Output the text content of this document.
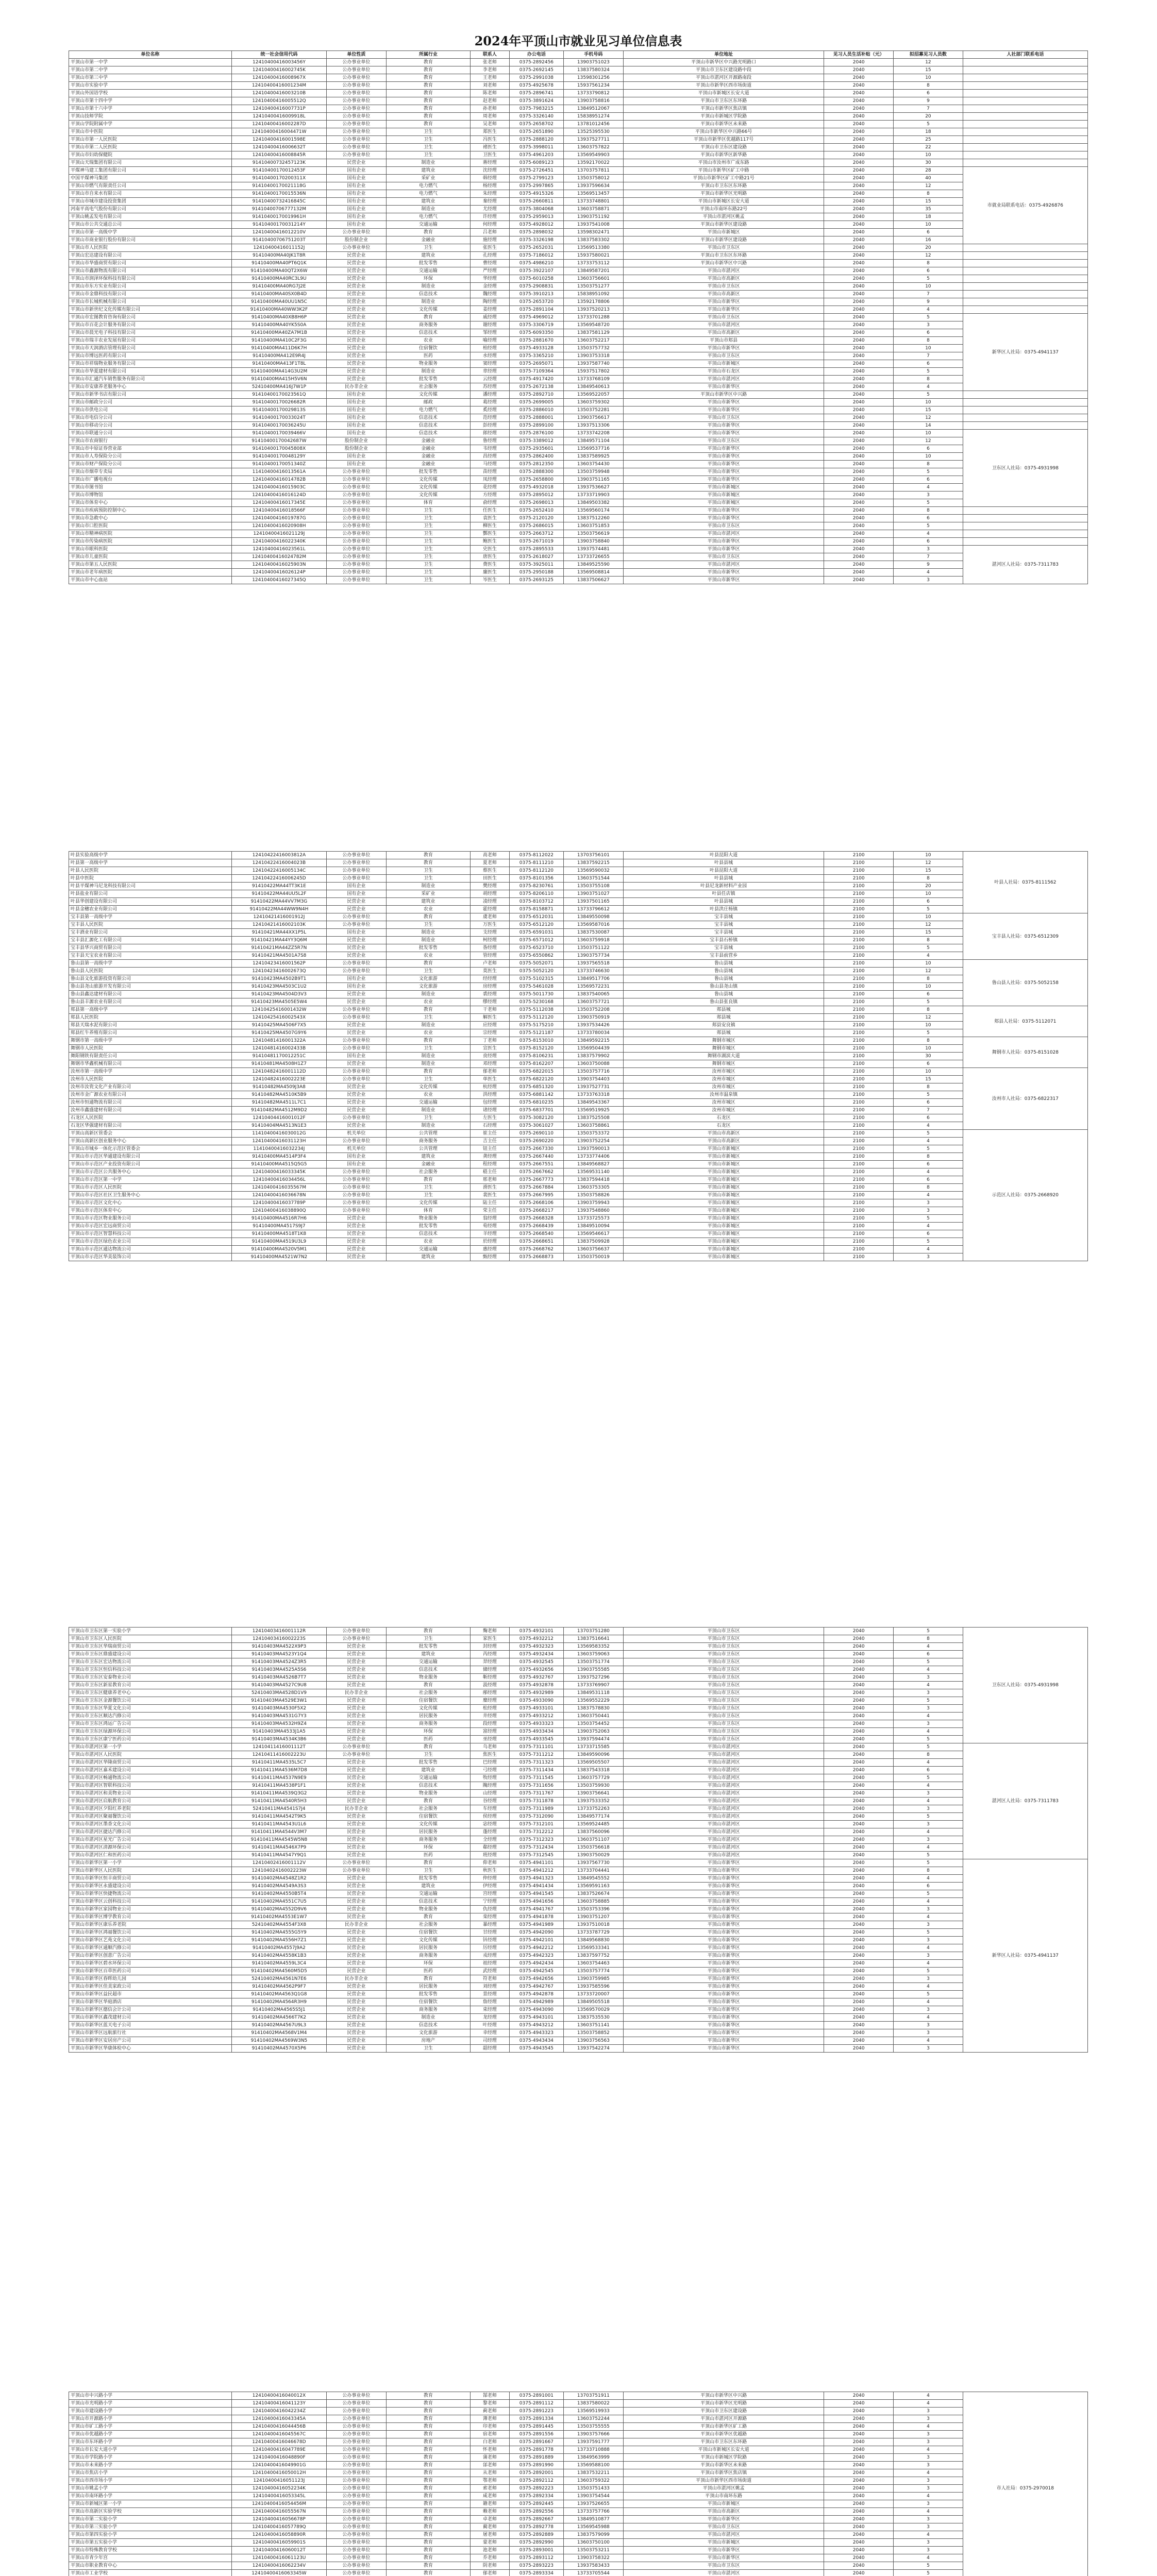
2024年平顶山市就业见习单位信息表
单位名称	统一社会信用代码	单位性质	所属行业	联系人	办公电话	手机号码	单位地址	见习人员生活补贴（元）	拟招募见习人员数	人社部门联系电话
平顶山市第一中学	12410400416003456Y	公办事业单位	教育	张老师	0375-2892456	13903751023	平顶山市新华区中兴路光明路口	2040	12	
平顶山市第二中学	12410400416002745K	公办事业单位	教育	李老师	0375-2692145	13837580324	平顶山市卫东区建设路中段	2040	15	
平顶山市第三中学	12410400416008967X	公办事业单位	教育	王老师	0375-2991038	13598301256	平顶山市湛河区开源路南段	2040	10	
平顶山市实验中学	12410400416001234M	公办事业单位	教育	刘老师	0375-4925678	15937561234	平顶山市新华区西市场街道	2040	8	
平顶山外国语学校	12410400416003210B	公办事业单位	教育	陈老师	0375-2896741	13733790812	平顶山市新城区长安大道	2040	6	
平顶山市第十四中学	12410400416005512Q	公办事业单位	教育	赵老师	0375-3891624	13903758816	平顶山市卫东区东环路	2040	9	
平顶山市第十六中学	12410400416007731P	公办事业单位	教育	孙老师	0375-7983215	13849512067	平顶山市新华区焦店镇	2040	7	
平顶山技师学院	12410400416009918L	公办事业单位	教育	周老师	0375-3326140	15838951274	平顶山市新城区学院路	2040	20	
平顶山学院附属中学	12410400416002287D	公办事业单位	教育	吴老师	0375-2658702	13781012456	平顶山市新华区未来路	2040	5	
平顶山市中医院	12410400416004471W	公办事业单位	卫生	郑医生	0375-2651890	13525395530	平顶山市新华区中兴路66号	2040	18	
平顶山市第一人民医院	12410400416001598E	公办事业单位	卫生	冯医生	0375-2888120	13937527711	平顶山市新华区优越路117号	2040	25	
平顶山市第二人民医院	12410400416006632T	公办事业单位	卫生	褚医生	0375-3998011	13603757822	平顶山市卫东区建设路	2040	22	
平顶山市妇幼保健院	12410400416008845R	公办事业单位	卫生	卫医生	0375-4961203	13569549903	平顶山市新华区新华路	2040	10	
平顶山天瑞集团有限公司	91410400732457123K	民营企业	制造业	蒋经理	0375-6089123	13592170022	平顶山市汝州市广成东路	2040	30	
平煤神马建工集团有限公司	91410400170012453F	国有企业	建筑业	沈经理	0375-2726451	13703757811	平顶山市新华区矿工中路	2040	28	市就业局联系电话：0375-4926876
中国平煤神马集团	91410400170200311X	国有企业	采矿业	韩经理	0375-2799123	13503758012	平顶山市新华区矿工中路21号	2040	40	
平顶山市燃气有限责任公司	91410400170021118G	国有企业	电力燃气	杨经理	0375-2997865	13937596634	平顶山市卫东区东环路	2040	12	
平顶山市自来水有限公司	91410400170015536N	国有企业	电力燃气	朱经理	0375-4915326	13569513457	平顶山市新华区光明路	2040	8	
平顶山市城市建设投资集团	91410400732416845C	国有企业	建筑业	秦经理	0375-2660811	13733748801	平顶山市新城区长安大道	2040	15	
河南平高电气股份有限公司	91410400706777132M	国有企业	制造业	尤经理	0375-3804068	13603758871	平顶山市南环东路22号	2040	35	
平顶山姚孟发电有限公司	91410400170019961H	国有企业	电力燃气	许经理	0375-2959013	13903751192	平顶山市湛河区姚孟	2040	18	
平顶山市公共交通总公司	91410400170031214Y	国有企业	交通运输	何经理	0375-4928012	13937541008	平顶山市新华区建设路	2040	10	
平顶山市第一高级中学	12410400416012210V	公办事业单位	教育	吕老师	0375-2898032	13598302471	平顶山市新城区	2040	6	
平顶山市商业银行股份有限公司	91410400706751203T	股份制企业	金融业	施经理	0375-3326198	13837583302	平顶山市新华区建设路	2040	16	
平顶山市人民医院	12410400416011152J	公办事业单位	卫生	张医生	0375-2652031	13569513380	平顶山市卫东区	2040	20	
平顶山宏达建设有限公司	91410400MA40JK1T8R	民营企业	建筑业	孔经理	0375-7186012	15937580021	平顶山市卫东区东环路	2040	12	
平顶山市华盛商贸有限公司	91410400MA40PT6Q1K	民营企业	批发零售	曹经理	0375-4986210	13733753112	平顶山市新华区中兴路	2040	8	
平顶山市鑫源物流有限公司	91410400MA40QT2X6W	民营企业	交通运输	严经理	0375-3922107	13849587201	平顶山市湛河区	2040	6	
平顶山市润泽环保科技有限公司	91410400MA40RC3L9U	民营企业	环保	华经理	0375-6010258	13603756601	平顶山市高新区	2040	5	
平顶山市东方实业有限公司	91410400MA40RG7J2E	民营企业	制造业	金经理	0375-2908831	13503751277	平顶山市卫东区	2040	10	
平顶山市金鼎科技有限公司	91410400MA40SX0B4D	民营企业	信息技术	魏经理	0375-3910213	15838951092	平顶山市高新区	2040	7	
平顶山市长城机械有限公司	91410400MA40UU1N5C	民营企业	制造业	陶经理	0375-2653720	13592178806	平顶山市新华区	2040	9	
平顶山市新世纪文化传媒有限公司	91410400MA40WW3K2F	民营企业	文化传媒	姜经理	0375-2891104	13937520213	平顶山市新华区	2040	4	
平顶山市宏图教育咨询有限公司	91410400MA40XB8H6P	民营企业	教育	戚经理	0375-4969012	13733701288	平顶山市卫东区	2040	5	新华区人社局：0375-4941137
平顶山市百花会计服务有限公司	91410400MA40YK5S0A	民营企业	商务服务	谢经理	0375-3306719	13569548720	平顶山市湛河区	2040	3	
平顶山市晨光电子科技有限公司	91410400MA40ZA7M1B	民营企业	信息技术	邹经理	0375-6093350	13837581129	平顶山市高新区	2040	6	
平顶山市瑞丰农业发展有限公司	91410400MA410C2F3G	民营企业	农业	喻经理	0375-2881670	13603752217	平顶山市郏县	2040	8	
平顶山市天润酒店管理有限公司	91410400MA411D6K7H	民营企业	住宿餐饮	柏经理	0375-4933128	13503757732	平顶山市新华区	2040	10	
平顶山市博远医药有限公司	91410400MA412E9R4J	民营企业	医药	水经理	0375-3365210	13903753318	平顶山市卫东区	2040	7	
平顶山市祥瑞物业服务有限公司	91410400MA413F1T8L	民营企业	物业服务	窦经理	0375-2695071	13937587740	平顶山市新城区	2040	6	
平顶山市华夏建材有限公司	91410400MA414G3U2M	民营企业	制造业	章经理	0375-7109364	15937517802	平顶山市石龙区	2040	5	
平顶山市汇通汽车销售服务有限公司	91410400MA415H5V6N	民营企业	批发零售	云经理	0375-4917420	13733768109	平顶山市湛河区	2040	8	
平顶山市安康养老服务中心	52410400MA416J7W1P	民办非企业	社会服务	苏经理	0375-2672138	13849540613	平顶山市新华区	2040	4	
平顶山市新华书店有限公司	91410400170023561Q	国有企业	文化传媒	潘经理	0375-2892710	13569522057	平顶山市新华区中兴路	2040	5	
平顶山市邮政分公司	91410400170026682R	国有企业	邮政	葛经理	0375-2699005	13603759302	平顶山市新华区	2040	10	
平顶山市供电公司	91410400170029813S	国有企业	电力燃气	奚经理	0375-2886010	13503752281	平顶山市新华区	2040	15	
平顶山市电信分公司	91410400170033024T	国有企业	信息技术	范经理	0375-2888001	13903756617	平顶山市卫东区	2040	12	
平顶山市移动分公司	91410400170036245U	国有企业	信息技术	彭经理	0375-2899100	13937513306	平顶山市新华区	2040	14	
平顶山市联通分公司	91410400170039466V	国有企业	信息技术	郎经理	0375-2876100	13733742208	平顶山市新华区	2040	10	卫东区人社局：0375-4931998
平顶山市农商银行	91410400170042687W	股份制企业	金融业	鲁经理	0375-3389012	13849571104	平顶山市卫东区	2040	12	
平顶山市中原证券营业部	91410400170045808X	股份制企业	金融业	韦经理	0375-2935601	13569537716	平顶山市新华区	2040	6	
平顶山市人寿保险分公司	91410400170048129Y	国有企业	金融业	昌经理	0375-2862400	13837589925	平顶山市新华区	2040	10	
平顶山市财产保险分公司	91410400170051340Z	国有企业	金融业	马经理	0375-2812350	13603754430	平顶山市新华区	2040	8	
平顶山市烟草专卖局	11410400416013561A	公办事业单位	批发零售	苗经理	0375-2888300	13503759948	平顶山市新华区	2040	5	
平顶山市广播电视台	12410400416014782B	公办事业单位	文化传媒	凤经理	0375-2658800	13903751165	平顶山市新华区	2040	6	
平顶山市图书馆	12410400416015903C	公办事业单位	文化传媒	花经理	0375-4932018	13937536627	平顶山市新城区	2040	4	
平顶山市博物馆	12410400416016124D	公办事业单位	文化传媒	方经理	0375-2895012	13733719903	平顶山市新城区	2040	3	
平顶山市体育中心	12410400416017345E	公办事业单位	体育	俞经理	0375-2698013	13849503382	平顶山市新城区	2040	5	
平顶山市疾病预防控制中心	12410400416018566F	公办事业单位	卫生	任医生	0375-2652410	13569560174	平顶山市新华区	2040	8	
平顶山市急救中心	12410400416019787G	公办事业单位	卫生	袁医生	0375-2120120	13837512260	平顶山市新华区	2040	6	
平顶山市口腔医院	12410400416020908H	公办事业单位	卫生	柳医生	0375-2686015	13603751853	平顶山市卫东区	2040	5	
平顶山市精神病医院	12410400416021129J	公办事业单位	卫生	酆医生	0375-2663712	13503756619	平顶山市湛河区	2040	4	
平顶山市传染病医院	12410400416022340K	公办事业单位	卫生	鲍医生	0375-2671019	13903758840	平顶山市新华区	2040	6	
平顶山市眼科医院	12410400416023561L	公办事业单位	卫生	史医生	0375-2895533	13937574481	平顶山市新华区	2040	3	湛河区人社局：0375-7311783
平顶山市儿童医院	12410400416024782M	公办事业单位	卫生	唐医生	0375-2618027	13733726655	平顶山市卫东区	2040	7	
平顶山市第五人民医院	12410400416025903N	公办事业单位	卫生	费医生	0375-3925011	13849525590	平顶山市湛河区	2040	9	
平顶山市老年病医院	12410400416026124P	公办事业单位	卫生	廉医生	0375-2950188	13569508814	平顶山市新华区	2040	4	
平顶山市中心血站	12410400416027345Q	公办事业单位	卫生	岑医生	0375-2693125	13837506627	平顶山市新华区	2040	3	
叶县实验高级中学	12410422416003812A	公办事业单位	教育	高老师	0375-8112022	13703756101	叶县昆阳大道	2100	10	叶县人社局：0375-8111562
叶县第一高级中学	12410422416004023B	公办事业单位	教育	夏老师	0375-8111210	13837592215	叶县县城	2100	12	
叶县人民医院	12410422416005134C	公办事业单位	卫生	蔡医生	0375-8112120	13569590032	叶县昆阳大道	2100	15	
叶县中医院	12410422416006245D	公办事业单位	卫生	田医生	0375-8101356	13603751544	叶县县城	2100	8	
叶县平煤神马尼龙科技有限公司	91410422MA44TT3K1E	国有企业	制造业	樊经理	0375-8230761	13503755108	叶县尼龙新材料产业园	2100	20	
叶县盐业有限公司	91410422MA44UU5L2F	国有企业	采矿业	胡经理	0375-8206110	13903751027	叶县任店镇	2100	10	
叶县华创建设有限公司	91410422MA44VV7M3G	民营企业	建筑业	凌经理	0375-8103712	13937501165	叶县县城	2100	6	
叶县金穗农业有限公司	91410422MA44WW9N4H	民营企业	农业	霍经理	0375-8158871	13733796612	叶县洪庄杨镇	2100	5	
宝丰县第一高级中学	12410421416001912J	公办事业单位	教育	虞老师	0375-6512031	13849550098	宝丰县城	2100	10	宝丰县人社局：0375-6512309
宝丰县人民医院	12410421416002103K	公办事业单位	卫生	万医生	0375-6512120	13569587016	宝丰县城	2100	12	
宝丰酒业有限公司	91410421MA44XX1P5L	国有企业	制造业	支经理	0375-6591031	13837530087	宝丰县城	2100	15	
宝丰县汇源化工有限公司	91410421MA44YY3Q6M	民营企业	制造业	柯经理	0375-6571012	13603759918	宝丰县石桥镇	2100	8	
宝丰县华兴商贸有限公司	91410421MA44ZZ5R7N	民营企业	批发零售	昝经理	0375-6523710	13503751122	宝丰县城	2100	5	
宝丰县天宝农业有限公司	91410421MA4501A7S8	民营企业	农业	管经理	0375-6550862	13903757734	宝丰县前营乡	2100	4	
鲁山县第一高级中学	12410423416001562P	公办事业单位	教育	卢老师	0375-5052071	13937565518	鲁山县城	2100	10	鲁山县人社局：0375-5052158
鲁山县人民医院	12410423416002673Q	公办事业单位	卫生	莫医生	0375-5052120	13733746630	鲁山县城	2100	12	
鲁山县文化旅游投资有限公司	91410423MA4502B9T1	国有企业	文化旅游	经经理	0375-5102315	13849517706	鲁山县城	2100	8	
鲁山县尧山旅游开发有限公司	91410423MA4503C1U2	国有企业	文化旅游	房经理	0375-5461028	13569572231	鲁山县尧山镇	2100	10	
鲁山县鑫达建材有限公司	91410423MA4504D3V3	民营企业	制造业	裘经理	0375-5011730	13837540065	鲁山县城	2100	6	
鲁山县丰源农业有限公司	91410423MA4505E5W4	民营企业	农业	缪经理	0375-5230168	13603757721	鲁山县张良镇	2100	5	
郏县第一高级中学	12410425416001432W	公办事业单位	教育	干老师	0375-5112038	13503752208	郏县城	2100	8	郏县人社局：0375-5112071
郏县人民医院	12410425416002543X	公办事业单位	卫生	解医生	0375-5112120	13903750919	郏县城	2100	12	
郏县天瑞水泥有限公司	91410425MA4506F7X5	民营企业	制造业	应经理	0375-5175210	13937534426	郏县安良镇	2100	10	
郏县红牛养殖有限公司	91410425MA4507G9Y6	民营企业	农业	宗经理	0375-5121187	13733780034	郏县城	2100	5	
舞钢市第一高级中学	12410481416001322A	公办事业单位	教育	丁老师	0375-8153010	13849592215	舞钢市城区	2100	8	舞钢市人社局：0375-8151028
舞钢市人民医院	12410481416002433B	公办事业单位	卫生	宣医生	0375-8152120	13569504439	舞钢市城区	2100	10	
舞阳钢铁有限责任公司	91410481170012251C	国有企业	制造业	贲经理	0375-8106231	13837579902	舞钢市湖滨大道	2100	30	
舞钢市华鑫机械有限公司	91410481MA4508H1Z7	民营企业	制造业	邓经理	0375-8162207	13603750088	舞钢市城区	2100	6	
汝州市第一高级中学	12410482416001112D	公办事业单位	教育	郁老师	0375-6822015	13503757716	汝州市城区	2100	10	汝州市人社局：0375-6822317
汝州市人民医院	12410482416002223E	公办事业单位	卫生	单医生	0375-6822120	13903754403	汝州市城区	2100	15	
汝州市汝瓷文化产业有限公司	91410482MA4509J3A8	民营企业	文化传媒	杭经理	0375-6851320	13937527731	汝州市城区	2100	8	
汝州市金广源农业有限公司	91410482MA4510K5B9	民营企业	农业	洪经理	0375-6881142	13733763318	汝州市温泉镇	2100	5	
汝州市恒通物流有限公司	91410482MA4511L7C1	民营企业	交通运输	包经理	0375-6810235	13849543367	汝州市城区	2100	6	
汝州市鑫盛建材有限公司	91410482MA4512M9D2	民营企业	制造业	诸经理	0375-6837701	13569519925	汝州市城区	2100	7	
石龙区人民医院	12410404416001012F	公办事业单位	卫生	左医生	0375-3082120	13837525508	石龙区	2100	6	
石龙区华强建材有限公司	91410404MA4513N1E3	民营企业	制造业	石经理	0375-3061027	13603758861	石龙区	2100	4	
平顶山高新区管委会	11410400416030012G	机关单位	公共管理	崔主任	0375-2690110	13503753372	平顶山市高新区	2100	5	示范区人社局：0375-2668920
平顶山高新区创业服务中心	12410400416031123H	公办事业单位	商务服务	吉主任	0375-2690220	13903752254	平顶山市高新区	2100	4	
平顶山市城乡一体化示范区管委会	11410400416032234J	机关单位	公共管理	钮主任	0375-2667330	13937590013	平顶山市新城区	2100	5	
平顶山市示范区华通建设有限公司	91410400MA4514P3F4	国有企业	建筑业	龚经理	0375-2667440	13733774406	平顶山市新城区	2100	8	
平顶山市示范区产业投资有限公司	91410400MA4515Q5G5	国有企业	金融业	程经理	0375-2667551	13849568827	平顶山市新城区	2100	6	
平顶山市示范区公共服务中心	12410400416033345K	公办事业单位	社会服务	嵇主任	0375-2667662	13569531140	平顶山市新城区	2100	4	
平顶山市示范区第一中学	12410400416034456L	公办事业单位	教育	邢老师	0375-2667773	13837594418	平顶山市新城区	2100	6	
平顶山市示范区人民医院	12410400416035567M	公办事业单位	卫生	滑医生	0375-2667884	13603753305	平顶山市新城区	2100	8	
平顶山市示范区社区卫生服务中心	12410400416036678N	公办事业单位	卫生	裴医生	0375-2667995	13503758826	平顶山市新城区	2100	4	
平顶山市示范区文化中心	12410400416037789P	公办事业单位	文化传媒	陆主任	0375-2668106	13903759943	平顶山市新城区	2100	3	
平顶山市示范区体育中心	12410400416038890Q	公办事业单位	体育	荣主任	0375-2668217	13937548860	平顶山市新城区	2100	3	
平顶山市示范区物业服务公司	91410400MA4516R7H6	民营企业	物业服务	翁经理	0375-2668328	13733725573	平顶山市新城区	2100	5	
平顶山市示范区宏远商贸公司	91410400MA4517S9J7	民营企业	批发零售	荀经理	0375-2668439	13849510094	平顶山市新城区	2100	4	
平顶山市示范区智慧科技公司	91410400MA4518T1K8	民营企业	信息技术	羊经理	0375-2668540	13569546617	平顶山市新城区	2100	6	
平顶山市示范区绿色农业公司	91410400MA4519U3L9	民营企业	农业	於经理	0375-2668651	13837509928	平顶山市新城区	2100	5	
平顶山市示范区通达物流公司	91410400MA4520V5M1	民营企业	交通运输	惠经理	0375-2668762	13603756637	平顶山市新城区	2100	4	
平顶山市示范区华美装饰公司	91410400MA4521W7N2	民营企业	建筑业	甄经理	0375-2668873	13503750019	平顶山市新城区	2100	3	
平顶山市卫东区第一实验小学	12410403416001112R	公办事业单位	教育	麴老师	0375-4932101	13703751280	平顶山市卫东区	2040	5	卫东区人社局：0375-4931998
平顶山市卫东区人民医院	12410403416002223S	公办事业单位	卫生	家医生	0375-4932212	13837516641	平顶山市卫东区	2040	8	
平顶山市卫东区华瑞商贸公司	91410403MA4522X9P3	民营企业	批发零售	封经理	0375-4932323	13569583352	平顶山市卫东区	2040	4	
平顶山市卫东区鼎盛建设公司	91410403MA4523Y1Q4	民营企业	建筑业	芮经理	0375-4932434	13603759063	平顶山市卫东区	2040	6	
平顶山市卫东区宏达物流公司	91410403MA4524Z3R5	民营企业	交通运输	羿经理	0375-4932545	13503751774	平顶山市卫东区	2040	5	
平顶山市卫东区恒信科技公司	91410403MA4525A5S6	民营企业	信息技术	储经理	0375-4932656	13903755585	平顶山市卫东区	2040	4	
平顶山市卫东区安泰物业公司	91410403MA4526B7T7	民营企业	物业服务	靳经理	0375-4932767	13937527296	平顶山市卫东区	2040	3	
平顶山市卫东区新星教育公司	91410403MA4527C9U8	民营企业	教育	汲经理	0375-4932878	13733769907	平顶山市卫东区	2040	4	
平顶山市卫东区健康养老中心	52410403MA4528D1V9	民办非企业	社会服务	邴经理	0375-4932989	13849531118	平顶山市卫东区	2040	3	
平顶山市卫东区金源餐饮公司	91410403MA4529E3W1	民营企业	住宿餐饮	糜经理	0375-4933090	13569552229	平顶山市卫东区	2040	5	
平顶山市卫东区华夏文化公司	91410403MA4530F5X2	民营企业	文化传媒	松经理	0375-4933101	13837578830	平顶山市卫东区	2040	3	
平顶山市卫东区顺达汽修公司	91410403MA4531G7Y3	民营企业	居民服务	井经理	0375-4933212	13603750441	平顶山市卫东区	2040	4	
平顶山市卫东区鸿运广告公司	91410403MA4532H9Z4	民营企业	商务服务	段经理	0375-4933323	13503754452	平顶山市卫东区	2040	3	
平顶山市卫东区绿源环保公司	91410403MA4533J1A5	民营企业	环保	富经理	0375-4933434	13903752063	平顶山市卫东区	2040	4	
平顶山市卫东区康宁医药公司	91410403MA4534K3B6	民营企业	医药	巫经理	0375-4933545	13937594474	平顶山市卫东区	2040	5	
平顶山市湛河区第一小学	12410411416001112T	公办事业单位	教育	乌老师	0375-7311101	13733715585	平顶山市湛河区	2040	5	湛河区人社局：0375-7311783
平顶山市湛河区人民医院	12410411416002223U	公办事业单位	卫生	焦医生	0375-7311212	13849590096	平顶山市湛河区	2040	8	
平顶山市湛河区华隆商贸公司	91410411MA4535L5C7	民营企业	批发零售	巴经理	0375-7311323	13569505507	平顶山市湛河区	2040	4	
平顶山市湛河区嘉禾建设公司	91410411MA4536M7D8	民营企业	建筑业	弓经理	0375-7311434	13837543318	平顶山市湛河区	2040	6	
平顶山市湛河区畅通物流公司	91410411MA4537N9E9	民营企业	交通运输	牧经理	0375-7311545	13603757729	平顶山市湛河区	2040	5	
平顶山市湛河区智联科技公司	91410411MA4538P1F1	民营企业	信息技术	隗经理	0375-7311656	13503759930	平顶山市湛河区	2040	4	
平顶山市湛河区和美物业公司	91410411MA4539Q3G2	民营企业	物业服务	山经理	0375-7311767	13903756641	平顶山市湛河区	2040	3	
平顶山市湛河区启航教育公司	91410411MA4540R5H3	民营企业	教育	谷经理	0375-7311878	13937533352	平顶山市湛河区	2040	4	
平顶山市湛河区夕阳红养老院	52410411MA4541S7J4	民办非企业	社会服务	车经理	0375-7311989	13733752263	平顶山市湛河区	2040	3	
平顶山市湛河区聚福餐饮公司	91410411MA4542T9K5	民营企业	住宿餐饮	侯经理	0375-7312090	13849577174	平顶山市湛河区	2040	5	
平顶山市湛河区墨香文化公司	91410411MA4543U1L6	民营企业	文化传媒	宓经理	0375-7312101	13569524485	平顶山市湛河区	2040	3	
平顶山市湛河区捷达汽修公司	91410411MA4544V3M7	民营企业	居民服务	蓬经理	0375-7312212	13837560096	平顶山市湛河区	2040	4	
平顶山市湛河区星光广告公司	91410411MA4545W5N8	民营企业	商务服务	全经理	0375-7312323	13603751107	平顶山市湛河区	2040	3	
平顶山市湛河区清源环保公司	91410411MA4546X7P9	民营企业	环保	郗经理	0375-7312434	13503756618	平顶山市湛河区	2040	4	
平顶山市湛河区仁和医药公司	91410411MA4547Y9Q1	民营企业	医药	班经理	0375-7312545	13903750029	平顶山市湛河区	2040	5	
平顶山市新华区第一小学	12410402416001112V	公办事业单位	教育	仰老师	0375-4941101	13937567730	平顶山市新华区	2040	5	新华区人社局：0375-4941137
平顶山市新华区人民医院	12410402416002223W	公办事业单位	卫生	秋医生	0375-4941212	13733704441	平顶山市新华区	2040	8	
平顶山市新华区恒丰商贸公司	91410402MA4548Z1R2	民营企业	批发零售	仲经理	0375-4941323	13849545552	平顶山市新华区	2040	4	
平顶山市新华区永盛建设公司	91410402MA4549A3S3	民营企业	建筑业	伊经理	0375-4941434	13569591163	平顶山市新华区	2040	6	
平顶山市新华区快捷物流公司	91410402MA4550B5T4	民营企业	交通运输	宫经理	0375-4941545	13837526674	平顶山市新华区	2040	5	
平顶山市新华区云创科技公司	91410402MA4551C7U5	民营企业	信息技术	宁经理	0375-4941656	13603758885	平顶山市新华区	2040	4	
平顶山市新华区家园物业公司	91410402MA4552D9V6	民营企业	物业服务	仇经理	0375-4941767	13503753396	平顶山市新华区	2040	3	
平顶山市新华区博学教育公司	91410402MA4553E1W7	民营企业	教育	栾经理	0375-4941878	13903751207	平顶山市新华区	2040	4	
平顶山市新华区康乐养老院	52410402MA4554F3X8	民办非企业	社会服务	暴经理	0375-4941989	13937510018	平顶山市新华区	2040	3	
平顶山市新华区鸿福餐饮公司	91410402MA4555G5Y9	民营企业	住宿餐饮	甘经理	0375-4942090	13733787729	平顶山市新华区	2040	5	
平顶山市新华区艺苑文化公司	91410402MA4556H7Z1	民营企业	文化传媒	钭经理	0375-4942101	13849568830	平顶山市新华区	2040	3	
平顶山市新华区通顺汽修公司	91410402MA4557J9A2	民营企业	居民服务	厉经理	0375-4942212	13569533341	平顶山市新华区	2040	4	
平顶山市新华区创意广告公司	91410402MA4558K1B3	民营企业	商务服务	戎经理	0375-4942323	13837597752	平顶山市新华区	2040	3	
平顶山市新华区碧水环保公司	91410402MA4559L3C4	民营企业	环保	祖经理	0375-4942434	13603754463	平顶山市新华区	2040	4	
平顶山市新华区百草医药公司	91410402MA4560M5D5	民营企业	医药	武经理	0375-4942545	13503757774	平顶山市新华区	2040	5	
平顶山市新华区春晖幼儿园	52410402MA4561N7E6	民办非企业	教育	符老师	0375-4942656	13903759985	平顶山市新华区	2040	3	
平顶山市新华区佳美家政公司	91410402MA4562P9F7	民营企业	居民服务	刘经理	0375-4942767	13937585596	平顶山市新华区	2040	4	
平顶山市新华区益民超市	91410402MA4563Q1G8	民营企业	批发零售	景经理	0375-4942878	13733720007	平顶山市新华区	2040	5	
平顶山市新华区华庭酒店	91410402MA4564R3H9	民营企业	住宿餐饮	詹经理	0375-4942989	13849505518	平顶山市新华区	2040	4	
平顶山市新华区德信会计公司	91410402MA4565S5J1	民营企业	商务服务	束经理	0375-4943090	13569570029	平顶山市新华区	2040	3	
平顶山市新华区鑫茂建材公司	91410402MA4566T7K2	民营企业	制造业	龙经理	0375-4943101	13837535530	平顶山市新华区	2040	4	
平顶山市新华区蓝天电子公司	91410402MA4567U9L3	民营企业	信息技术	叶经理	0375-4943212	13603751141	平顶山市新华区	2040	3	
平顶山市新华区远航旅行社	91410402MA4568V1M4	民营企业	文化旅游	幸经理	0375-4943323	13503758852	平顶山市新华区	2040	3	
平顶山市新华区安居房产公司	91410402MA4569W3N5	民营企业	房地产	司经理	0375-4943434	13903756563	平顶山市新华区	2040	4	
平顶山市新华区华康体检中心	91410402MA4570X5P6	民营企业	卫生	韶经理	0375-4943545	13937542274	平顶山市新华区	2040	3	
平顶山市中兴路小学	12410400416040012X	公办事业单位	教育	郜老师	0375-2891001	13703751911	平顶山市新华区中兴路	2040	4	市人社局：0375-2970018
平顶山市光明路小学	12410400416041123Y	公办事业单位	教育	黎老师	0375-2891112	13837580022	平顶山市新华区光明路	2040	4	
平顶山市建设路小学	12410400416042234Z	公办事业单位	教育	蓟老师	0375-2891223	13569519933	平顶山市卫东区建设路	2040	3	
平顶山市开源路小学	12410400416043345A	公办事业单位	教育	薄老师	0375-2891334	13603752244	平顶山市湛河区开源路	2040	3	
平顶山市矿工路小学	12410400416044456B	公办事业单位	教育	印老师	0375-2891445	13503755555	平顶山市新华区矿工路	2040	4	
平顶山市优越路小学	12410400416045567C	公办事业单位	教育	宿老师	0375-2891556	13903757666	平顶山市新华区优越路	2040	3	
平顶山市东环路小学	12410400416046678D	公办事业单位	教育	白老师	0375-2891667	13937591777	平顶山市卫东区东环路	2040	3	
平顶山市长安大道小学	12410400416047789E	公办事业单位	教育	怀老师	0375-2891778	13733710888	平顶山市新城区长安大道	2040	4	
平顶山市学院路小学	12410400416048890F	公办事业单位	教育	蒲老师	0375-2891889	13849563999	平顶山市新城区学院路	2040	3	
平顶山市未来路小学	12410400416049901G	公办事业单位	教育	邰老师	0375-2891990	13569588100	平顶山市新华区未来路	2040	3	
平顶山市焦店小学	12410400416050012H	公办事业单位	教育	从老师	0375-2892001	13837532211	平顶山市新华区焦店镇	2040	4	
平顶山市西市场小学	12410400416051123J	公办事业单位	教育	鄂老师	0375-2892112	13603759322	平顶山市新华区西市场街道	2040	3	
平顶山市姚孟小学	12410400416052234K	公办事业单位	教育	索老师	0375-2892223	13503751433	平顶山市湛河区姚孟	2040	3	
平顶山市南环路小学	12410400416053345L	公办事业单位	教育	咸老师	0375-2892334	13903754544	平顶山市南环东路	2040	4	
平顶山市新城区第一小学	12410400416054456M	公办事业单位	教育	籍老师	0375-2892445	13937526655	平顶山市新城区	2040	3	
平顶山市高新区实验学校	12410400416055567N	公办事业单位	教育	赖老师	0375-2892556	13733757766	平顶山市高新区	2040	4	
平顶山市第二实验小学	12410400416056678P	公办事业单位	教育	卓老师	0375-2892667	13849510877	平顶山市新华区	2040	3	
平顶山市第三实验小学	12410400416057789Q	公办事业单位	教育	蔺老师	0375-2892778	13569545988	平顶山市卫东区	2040	3	
平顶山市第四实验小学	12410400416058890R	公办事业单位	教育	屠老师	0375-2892889	13837579099	平顶山市湛河区	2040	4	
平顶山市第五实验小学	12410400416059901S	公办事业单位	教育	蒙老师	0375-2892990	13603750100	平顶山市新城区	2040	3	
平顶山市特殊教育学校	12410400416060012T	公办事业单位	教育	池老师	0375-2893001	13503753211	平顶山市新华区	2040	3	
平顶山市青少年宫	12410400416061123U	公办事业单位	教育	乔老师	0375-2893112	13903758322	平顶山市新华区	2040	4	
平顶山市职业教育中心	12410400416062234V	公办事业单位	教育	阴老师	0375-2893223	13937583433	平顶山市卫东区	2040	5	
平顶山市工业学校	12410400416063345W	公办事业单位	教育	郁老师	0375-2893334	13733705544	平顶山市湛河区	2040	5	
